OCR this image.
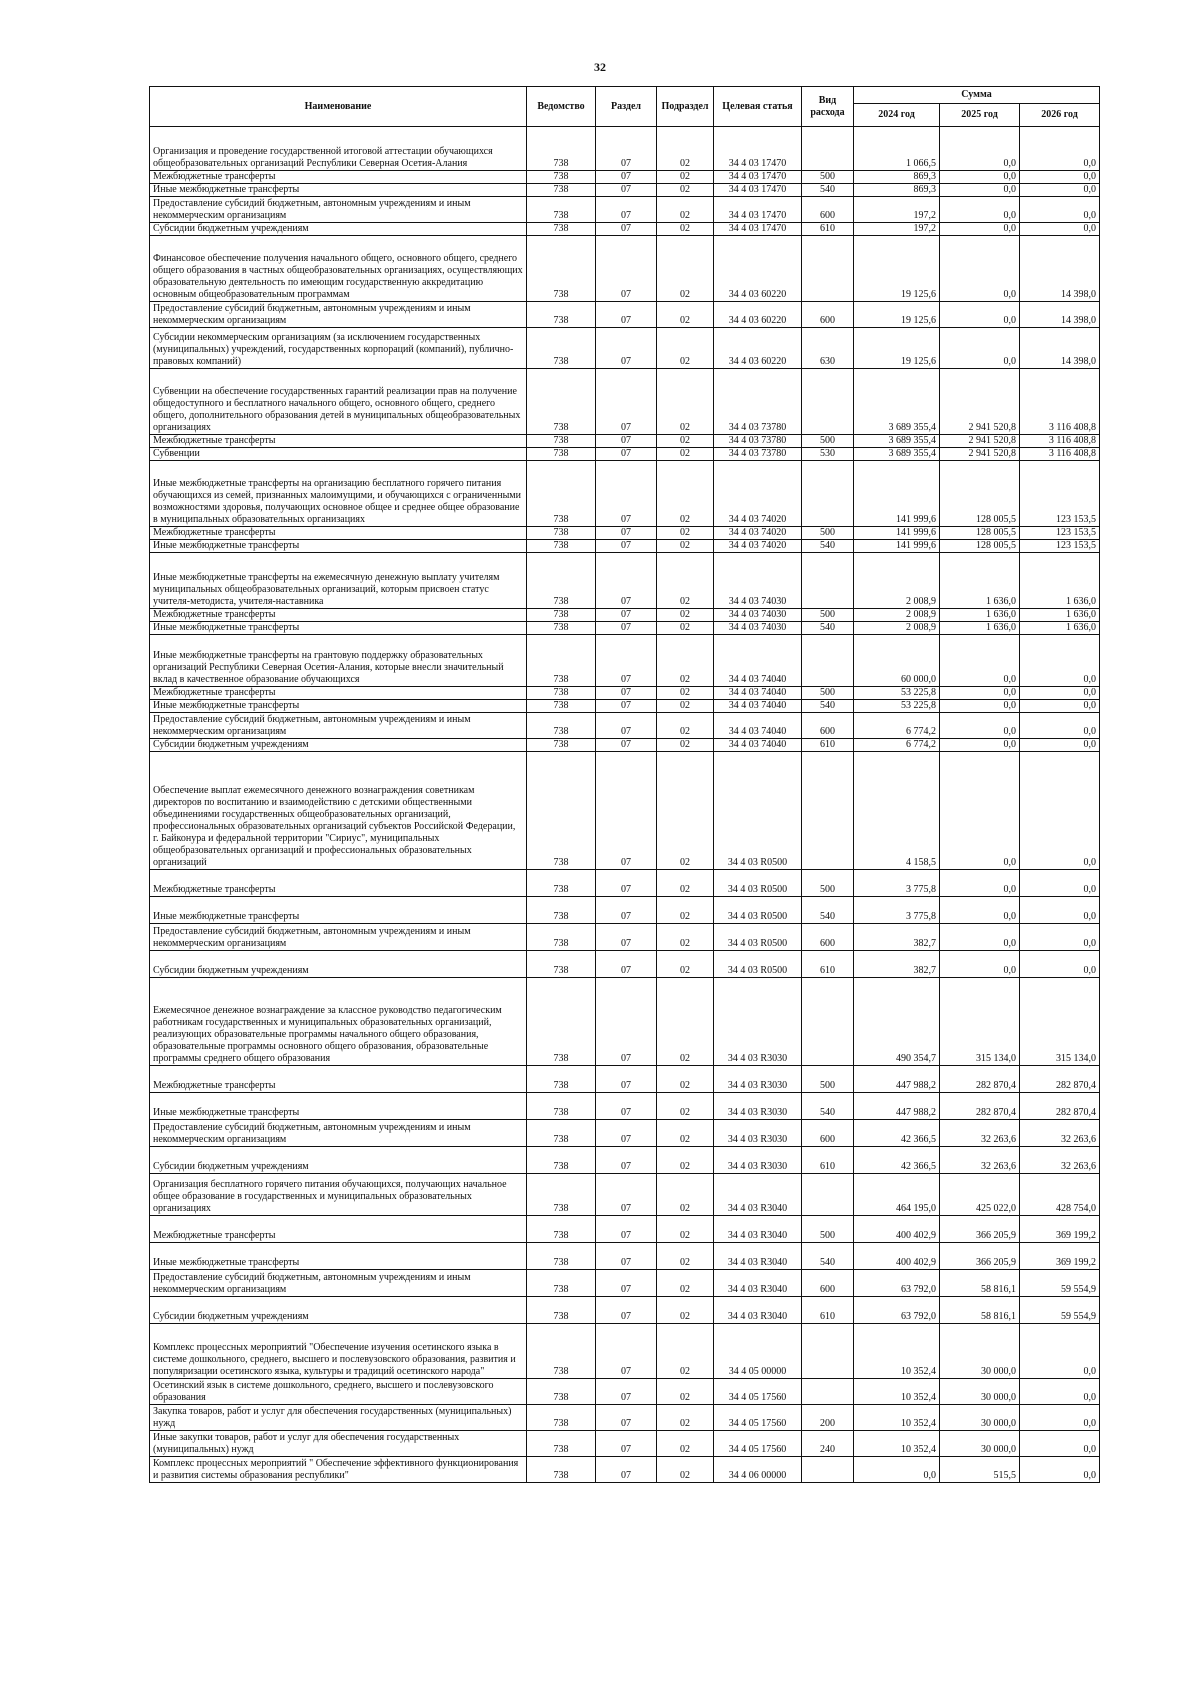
32
Наименование	Ведомство	Раздел	Подраздел	Целевая статья	Вид расхода	Сумма		
						2024 год	2025 год	2026 год
Организация и проведение государственной итоговой аттестации обучающихся общеобразовательных организаций Республики Северная Осетия-Алания	738	07	02	34 4 03 17470		1 066,5	0,0	0,0
Межбюджетные трансферты	738	07	02	34 4 03 17470	500	869,3	0,0	0,0
Иные межбюджетные трансферты	738	07	02	34 4 03 17470	540	869,3	0,0	0,0
Предоставление субсидий бюджетным, автономным учреждениям и иным некоммерческим организациям	738	07	02	34 4 03 17470	600	197,2	0,0	0,0
Субсидии бюджетным учреждениям	738	07	02	34 4 03 17470	610	197,2	0,0	0,0
Финансовое обеспечение получения начального общего, основного общего, среднего общего образования в частных общеобразовательных организациях, осуществляющих образовательную деятельность по имеющим государственную аккредитацию основным общеобразовательным программам	738	07	02	34 4 03 60220		19 125,6	0,0	14 398,0
Предоставление субсидий бюджетным, автономным учреждениям и иным некоммерческим организациям	738	07	02	34 4 03 60220	600	19 125,6	0,0	14 398,0
Субсидии некоммерческим организациям (за исключением государственных (муниципальных) учреждений, государственных корпораций (компаний), публично-правовых компаний)	738	07	02	34 4 03 60220	630	19 125,6	0,0	14 398,0
Субвенции на обеспечение государственных гарантий реализации прав на получение общедоступного и бесплатного начального общего, основного общего, среднего общего, дополнительного образования детей в муниципальных общеобразовательных организациях	738	07	02	34 4 03 73780		3 689 355,4	2 941 520,8	3 116 408,8
Межбюджетные трансферты	738	07	02	34 4 03 73780	500	3 689 355,4	2 941 520,8	3 116 408,8
Субвенции	738	07	02	34 4 03 73780	530	3 689 355,4	2 941 520,8	3 116 408,8
Иные межбюджетные трансферты на организацию бесплатного горячего питания обучающихся из семей, признанных малоимущими, и обучающихся с ограниченными возможностями здоровья, получающих основное общее и среднее общее образование в муниципальных образовательных организациях	738	07	02	34 4 03 74020		141 999,6	128 005,5	123 153,5
Межбюджетные трансферты	738	07	02	34 4 03 74020	500	141 999,6	128 005,5	123 153,5
Иные межбюджетные трансферты	738	07	02	34 4 03 74020	540	141 999,6	128 005,5	123 153,5
Иные межбюджетные трансферты на ежемесячную денежную выплату учителям муниципальных общеобразовательных организаций, которым присвоен статус учителя-методиста, учителя-наставника	738	07	02	34 4 03 74030		2 008,9	1 636,0	1 636,0
Межбюджетные трансферты	738	07	02	34 4 03 74030	500	2 008,9	1 636,0	1 636,0
Иные межбюджетные трансферты	738	07	02	34 4 03 74030	540	2 008,9	1 636,0	1 636,0
Иные межбюджетные трансферты на грантовую поддержку образовательных организаций Республики Северная Осетия-Алания, которые внесли значительный вклад в качественное образование обучающихся	738	07	02	34 4 03 74040		60 000,0	0,0	0,0
Межбюджетные трансферты	738	07	02	34 4 03 74040	500	53 225,8	0,0	0,0
Иные межбюджетные трансферты	738	07	02	34 4 03 74040	540	53 225,8	0,0	0,0
Предоставление субсидий бюджетным, автономным учреждениям и иным некоммерческим организациям	738	07	02	34 4 03 74040	600	6 774,2	0,0	0,0
Субсидии бюджетным учреждениям	738	07	02	34 4 03 74040	610	6 774,2	0,0	0,0
Обеспечение выплат ежемесячного денежного вознаграждения советникам директоров по воспитанию и взаимодействию с детскими общественными объединениями государственных общеобразовательных организаций, профессиональных образовательных организаций субъектов Российской Федерации, г. Байконура и федеральной территории "Сириус", муниципальных общеобразовательных организаций и профессиональных образовательных организаций	738	07	02	34 4 03 R0500		4 158,5	0,0	0,0
Межбюджетные трансферты	738	07	02	34 4 03 R0500	500	3 775,8	0,0	0,0
Иные межбюджетные трансферты	738	07	02	34 4 03 R0500	540	3 775,8	0,0	0,0
Предоставление субсидий бюджетным, автономным учреждениям и иным некоммерческим организациям	738	07	02	34 4 03 R0500	600	382,7	0,0	0,0
Субсидии бюджетным учреждениям	738	07	02	34 4 03 R0500	610	382,7	0,0	0,0
Ежемесячное денежное вознаграждение за классное руководство педагогическим работникам государственных и муниципальных образовательных организаций, реализующих образовательные программы начального общего образования, образовательные программы основного общего образования, образовательные программы среднего общего образования	738	07	02	34 4 03 R3030		490 354,7	315 134,0	315 134,0
Межбюджетные трансферты	738	07	02	34 4 03 R3030	500	447 988,2	282 870,4	282 870,4
Иные межбюджетные трансферты	738	07	02	34 4 03 R3030	540	447 988,2	282 870,4	282 870,4
Предоставление субсидий бюджетным, автономным учреждениям и иным некоммерческим организациям	738	07	02	34 4 03 R3030	600	42 366,5	32 263,6	32 263,6
Субсидии бюджетным учреждениям	738	07	02	34 4 03 R3030	610	42 366,5	32 263,6	32 263,6
Организация бесплатного горячего питания обучающихся, получающих начальное общее образование в государственных и муниципальных образовательных организациях	738	07	02	34 4 03 R3040		464 195,0	425 022,0	428 754,0
Межбюджетные трансферты	738	07	02	34 4 03 R3040	500	400 402,9	366 205,9	369 199,2
Иные межбюджетные трансферты	738	07	02	34 4 03 R3040	540	400 402,9	366 205,9	369 199,2
Предоставление субсидий бюджетным, автономным учреждениям и иным некоммерческим организациям	738	07	02	34 4 03 R3040	600	63 792,0	58 816,1	59 554,9
Субсидии бюджетным учреждениям	738	07	02	34 4 03 R3040	610	63 792,0	58 816,1	59 554,9
Комплекс процессных мероприятий "Обеспечение изучения осетинского языка в системе дошкольного, среднего, высшего и послевузовского образования, развития и популяризации осетинского языка, культуры и традиций осетинского народа"	738	07	02	34 4 05 00000		10 352,4	30 000,0	0,0
Осетинский язык в системе дошкольного, среднего, высшего и послевузовского образования	738	07	02	34 4 05 17560		10 352,4	30 000,0	0,0
Закупка товаров, работ и услуг для обеспечения государственных (муниципальных) нужд	738	07	02	34 4 05 17560	200	10 352,4	30 000,0	0,0
Иные закупки товаров, работ и услуг для обеспечения государственных (муниципальных) нужд	738	07	02	34 4 05 17560	240	10 352,4	30 000,0	0,0
Комплекс процессных мероприятий " Обеспечение эффективного функционирования и развития системы образования республики"	738	07	02	34 4 06 00000		0,0	515,5	0,0
